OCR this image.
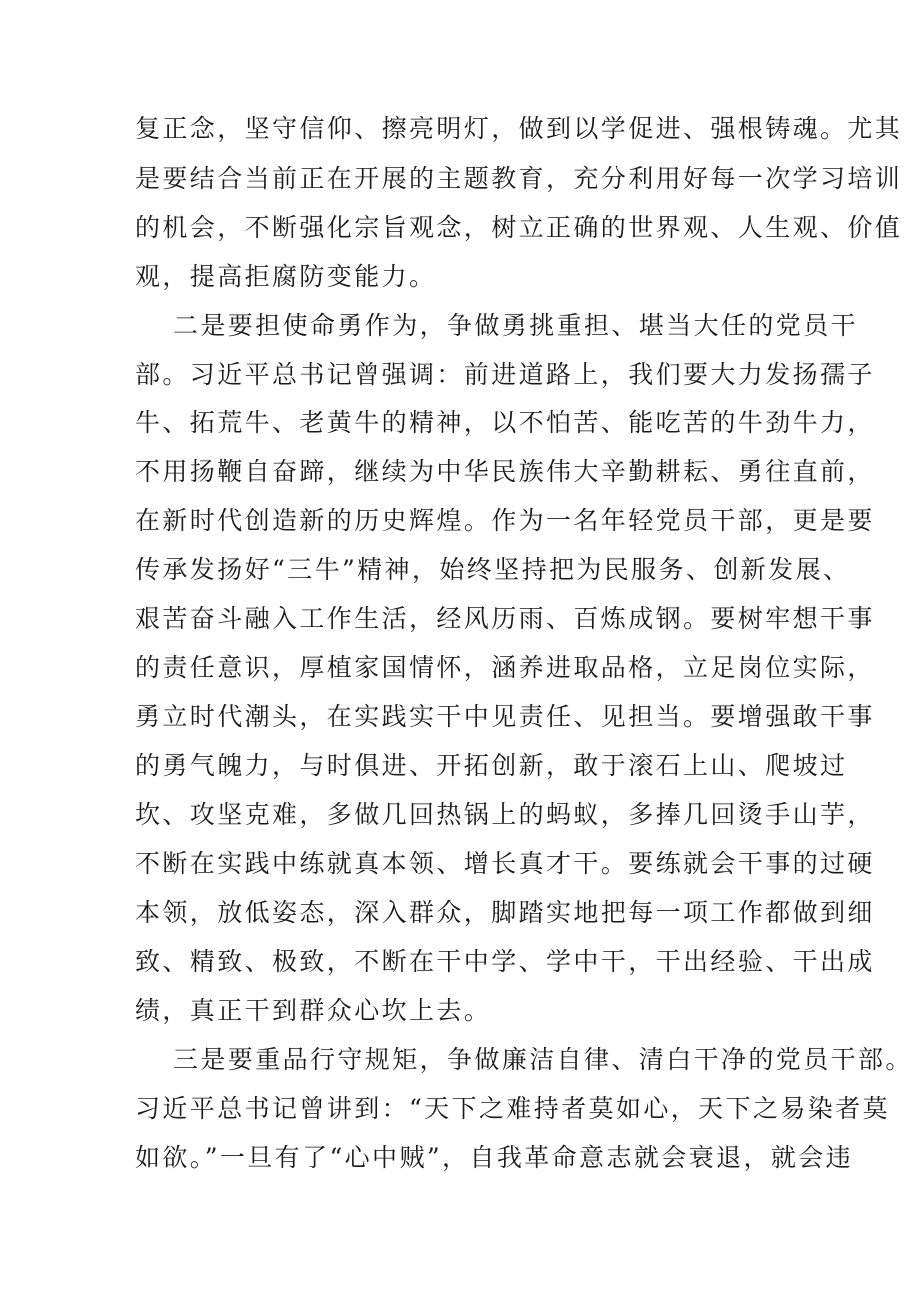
复正念，坚守信仰、擦亮明灯，做到以学促进、强根铸魂。尤其

是要结合当前正在开展的主题教育，充分利用好每一次学习培训

的机会，不断强化宗旨观念，树立正确的世界观、人生观、价值

观，提高拒腐防变能力。

二是要担使命勇作为，争做勇挑重担、堪当大任的党员干

部。习近平总书记曾强调：前进道路上，我们要大力发扬孺子

牛、拓荒牛、老黄牛的精神，以不怕苦、能吃苦的牛劲牛力，

不用扬鞭自奋蹄，继续为中华民族伟大辛勤耕耘、勇往直前，

在新时代创造新的历史辉煌。作为一名年轻党员干部，更是要

传承发扬好“三牛”精神，始终坚持把为民服务、创新发展、

艰苦奋斗融入工作生活，经风历雨、百炼成钢。要树牢想干事

的责任意识，厚植家国情怀，涵养进取品格，立足岗位实际，

勇立时代潮头，在实践实干中见责任、见担当。要增强敢干事

的勇气魄力，与时俱进、开拓创新，敢于滚石上山、爬坡过

坎、攻坚克难，多做几回热锅上的蚂蚁，多捧几回烫手山芋，

不断在实践中练就真本领、增长真才干。要练就会干事的过硬

本领，放低姿态，深入群众，脚踏实地把每一项工作都做到细

致、精致、极致，不断在干中学、学中干，干出经验、干出成

绩，真正干到群众心坎上去。

三是要重品行守规矩，争做廉洁自律、清白干净的党员干部。

习近平总书记曾讲到：“天下之难持者莫如心，天下之易染者莫

如欲。”一旦有了“心中贼”，自我革命意志就会衰退，就会违
